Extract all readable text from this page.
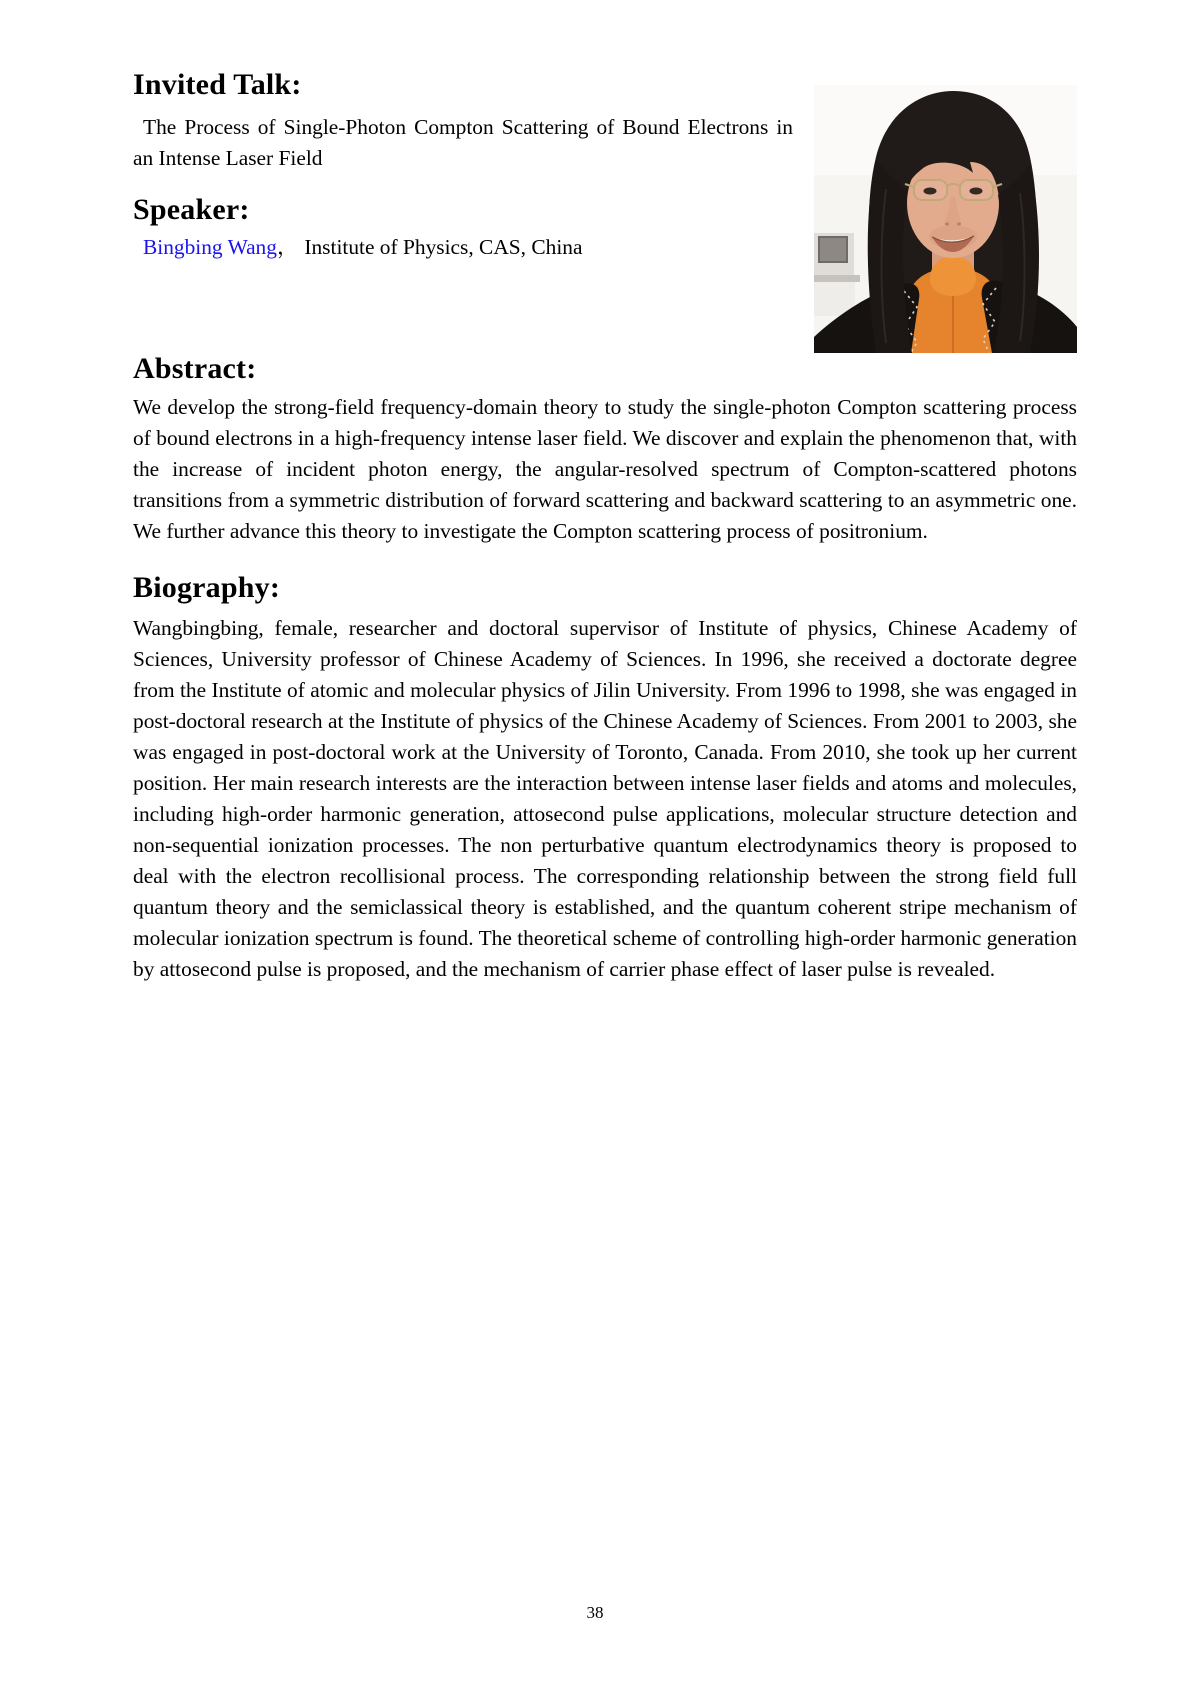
Invited Talk:
The Process of Single-Photon Compton Scattering of Bound Electrons in an Intense Laser Field
Speaker:
Bingbing Wang， Institute of Physics, CAS, China
Abstract:
We develop the strong-field frequency-domain theory to study the single-photon Compton scattering process of bound electrons in a high-frequency intense laser field. We discover and explain the phenomenon that, with the increase of incident photon energy, the angular-resolved spectrum of Compton-scattered photons transitions from a symmetric distribution of forward scattering and backward scattering to an asymmetric one. We further advance this theory to investigate the Compton scattering process of positronium.
Biography:
Wangbingbing, female, researcher and doctoral supervisor of Institute of physics, Chinese Academy of Sciences, University professor of Chinese Academy of Sciences. In 1996, she received a doctorate degree from the Institute of atomic and molecular physics of Jilin University. From 1996 to 1998, she was engaged in post-doctoral research at the Institute of physics of the Chinese Academy of Sciences. From 2001 to 2003, she was engaged in post-doctoral work at the University of Toronto, Canada. From 2010, she took up her current position. Her main research interests are the interaction between intense laser fields and atoms and molecules, including high-order harmonic generation, attosecond pulse applications, molecular structure detection and non-sequential ionization processes. The non perturbative quantum electrodynamics theory is proposed to deal with the electron recollisional process. The corresponding relationship between the strong field full quantum theory and the semiclassical theory is established, and the quantum coherent stripe mechanism of molecular ionization spectrum is found. The theoretical scheme of controlling high-order harmonic generation by attosecond pulse is proposed, and the mechanism of carrier phase effect of laser pulse is revealed.
38
